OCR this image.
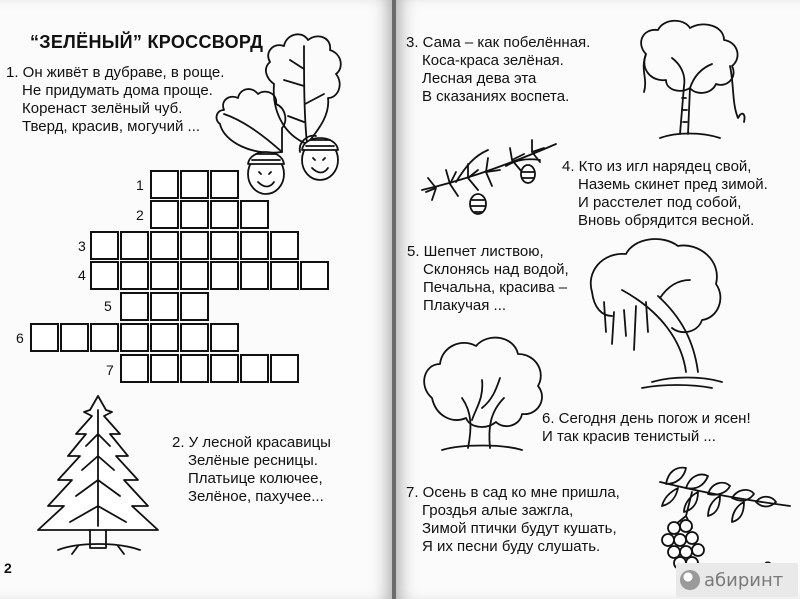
“ЗЕЛЁНЫЙ” КРОССВОРД
1. Он живёт в дубраве, в роще.
Не придумать дома проще.
Коренаст зелёный чуб.
Тверд, красив, могучий ...
1
2
3
4
5
6
7
2. У лесной красавицы
Зелёные ресницы.
Платьице колючее,
Зелёное, пахучее...
2
3. Сама – как побелённая.
Коса-краса зелёная.
Лесная дева эта
В сказаниях воспета.
4. Кто из игл нарядец свой,
Наземь скинет пред зимой.
И расстелет под собой,
Вновь обрядится весной.
5. Шепчет листвою,
Склонясь над водой,
Печальна, красива –
Плакучая ...
6. Сегодня день погож и ясен!
И так красив тенистый ...
7. Осень в сад ко мне пришла,
Гроздья алые зажгла,
Зимой птички будут кушать,
Я их песни буду слушать.
абиринт
